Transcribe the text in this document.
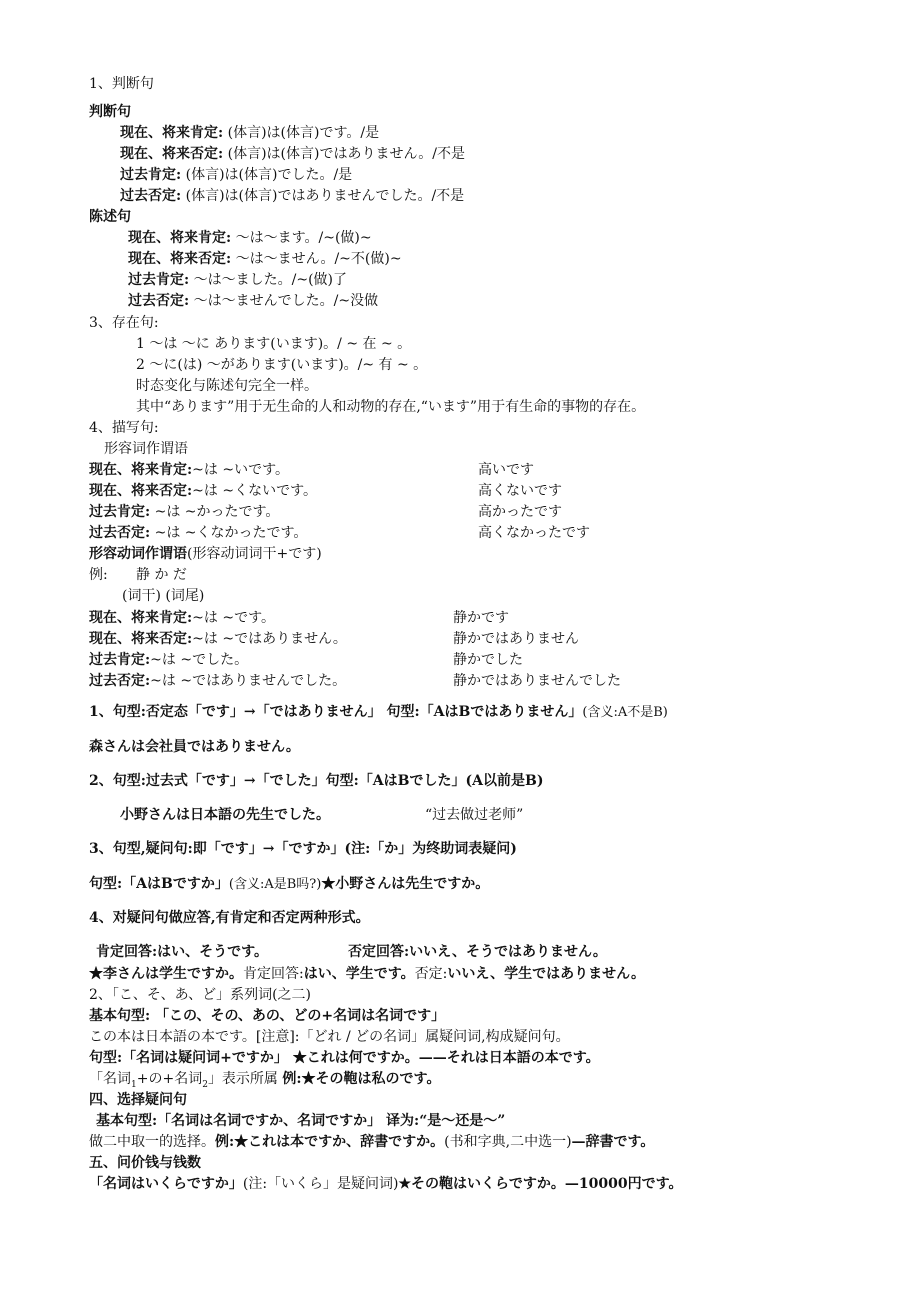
1、判断句
判断句
现在、将来肯定: (体言)は(体言)です。/是
现在、将来否定: (体言)は(体言)ではありません。/不是
过去肯定: (体言)は(体言)でした。/是
过去否定: (体言)は(体言)ではありませんでした。/不是
陈述句
现在、将来肯定: ～は～ます。/~(做)~
现在、将来否定: ～は～ません。/~不(做)~
过去肯定: ～は～ました。/~(做)了
过去否定: ～は～ませんでした。/~没做
3、存在句:
1 ～は ～に あります(います)。/ ~ 在 ~ 。
2 ～に(は) ～があります(います)。/~ 有 ~ 。
时态变化与陈述句完全一样。
其中“あります”用于无生命的人和动物的存在,“います”用于有生命的事物的存在。
4、描写句:
形容词作谓语
现在、将来肯定:~は ~いです。	高いです
现在、将来否定:~は ~くないです。	高くないです
过去肯定: ~は ~かったです。	高かったです
过去否定: ~は ~くなかったです。	高くなかったです
形容动词作谓语(形容动词词干+です)
例: 静 か だ
(词干) (词尾)
现在、将来肯定:~は ~です。	静かです
现在、将来否定:~は ~ではありません。	静かではありません
过去肯定:~は ~でした。	静かでした
过去否定:~は ~ではありませんでした。	静かではありませんでした
1、句型:否定态「です」→「ではありません」 句型:「AはBではありません」(含义:A不是B)
森さんは会社員ではありません。
2、句型:过去式「です」→「でした」句型:「AはBでした」(A以前是B)
小野さんは日本語の先生でした。	“过去做过老师”
3、句型,疑问句:即「です」→「ですか」(注:「か」为终助词表疑问)
句型:「AはBですか」(含义:A是B吗?)★小野さんは先生ですか。
4、对疑问句做应答,有肯定和否定两种形式。
肯定回答:はい、そうです。	否定回答:いいえ、そうではありません。
★李さんは学生ですか。肯定回答:はい、学生です。否定:いいえ、学生ではありません。
2、「こ、そ、あ、ど」系列词(之二)
基本句型: 「この、その、あの、どの+名词は名词です」
この本は日本語の本です。[注意]:「どれ / どの名词」属疑问词,构成疑问句。
句型:「名词は疑问词+ですか」 ★これは何ですか。——それは日本語の本です。
「名词$_1$+の+名词$_2$」表示所属 例:★その鞄は私のです。
四、选择疑问句
基本句型:「名词は名词ですか、名词ですか」 译为:“是～还是～”
做二中取一的选择。例:★これは本ですか、辞書ですか。(书和字典,二中选一)—辞書です。
五、问价钱与钱数
「名词はいくらですか」(注:「いくら」是疑问词)★その鞄はいくらですか。—10000円です。
